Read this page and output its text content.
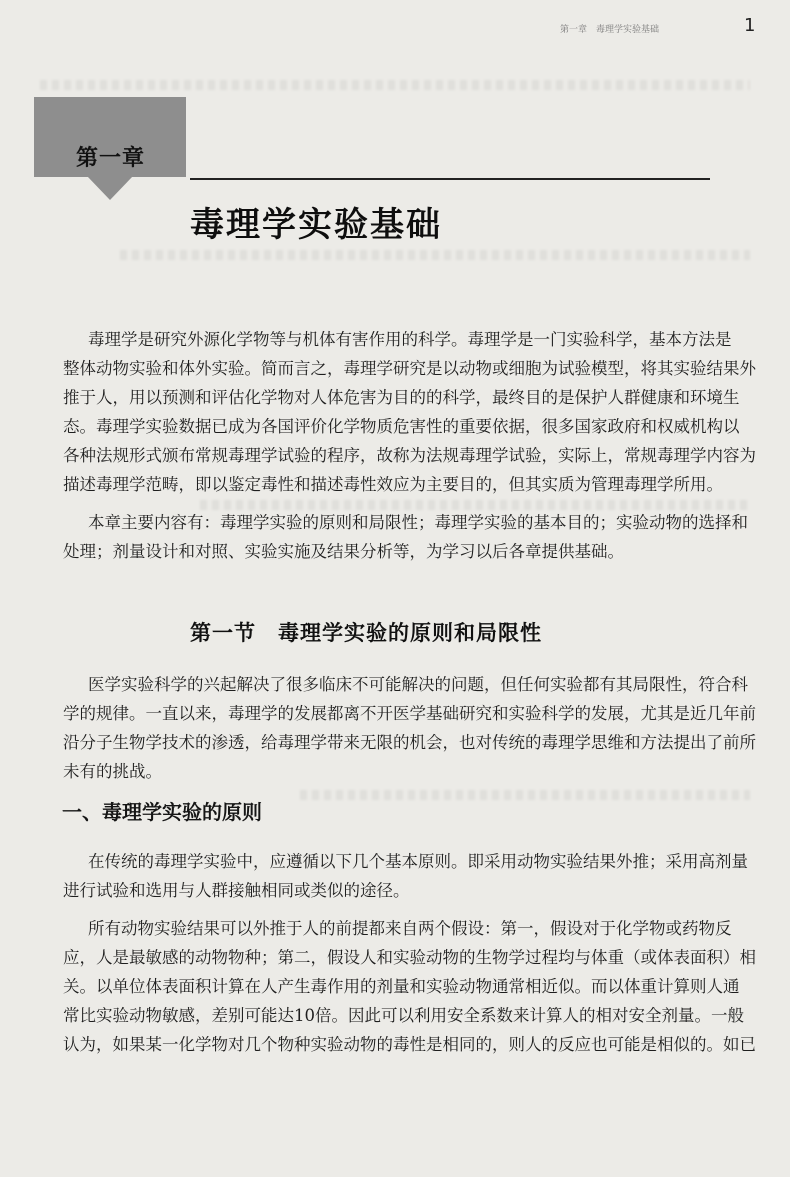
第一章　毒理学实验基础	1
第一章
毒理学实验基础
毒理学是研究外源化学物等与机体有害作用的科学。毒理学是一门实验科学，基本方法是
整体动物实验和体外实验。简而言之，毒理学研究是以动物或细胞为试验模型，将其实验结果外
推于人，用以预测和评估化学物对人体危害为目的的科学，最终目的是保护人群健康和环境生
态。毒理学实验数据已成为各国评价化学物质危害性的重要依据，很多国家政府和权威机构以
各种法规形式颁布常规毒理学试验的程序，故称为法规毒理学试验，实际上，常规毒理学内容为
描述毒理学范畴，即以鉴定毒性和描述毒性效应为主要目的，但其实质为管理毒理学所用。
本章主要内容有：毒理学实验的原则和局限性；毒理学实验的基本目的；实验动物的选择和
处理；剂量设计和对照、实验实施及结果分析等，为学习以后各章提供基础。
第一节　毒理学实验的原则和局限性
医学实验科学的兴起解决了很多临床不可能解决的问题，但任何实验都有其局限性，符合科
学的规律。一直以来，毒理学的发展都离不开医学基础研究和实验科学的发展，尤其是近几年前
沿分子生物学技术的渗透，给毒理学带来无限的机会，也对传统的毒理学思维和方法提出了前所
未有的挑战。
一、毒理学实验的原则
在传统的毒理学实验中，应遵循以下几个基本原则。即采用动物实验结果外推；采用高剂量
进行试验和选用与人群接触相同或类似的途径。
所有动物实验结果可以外推于人的前提都来自两个假设：第一，假设对于化学物或药物反
应，人是最敏感的动物物种；第二，假设人和实验动物的生物学过程均与体重（或体表面积）相
关。以单位体表面积计算在人产生毒作用的剂量和实验动物通常相近似。而以体重计算则人通
常比实验动物敏感，差别可能达10倍。因此可以利用安全系数来计算人的相对安全剂量。一般
认为，如果某一化学物对几个物种实验动物的毒性是相同的，则人的反应也可能是相似的。如已
